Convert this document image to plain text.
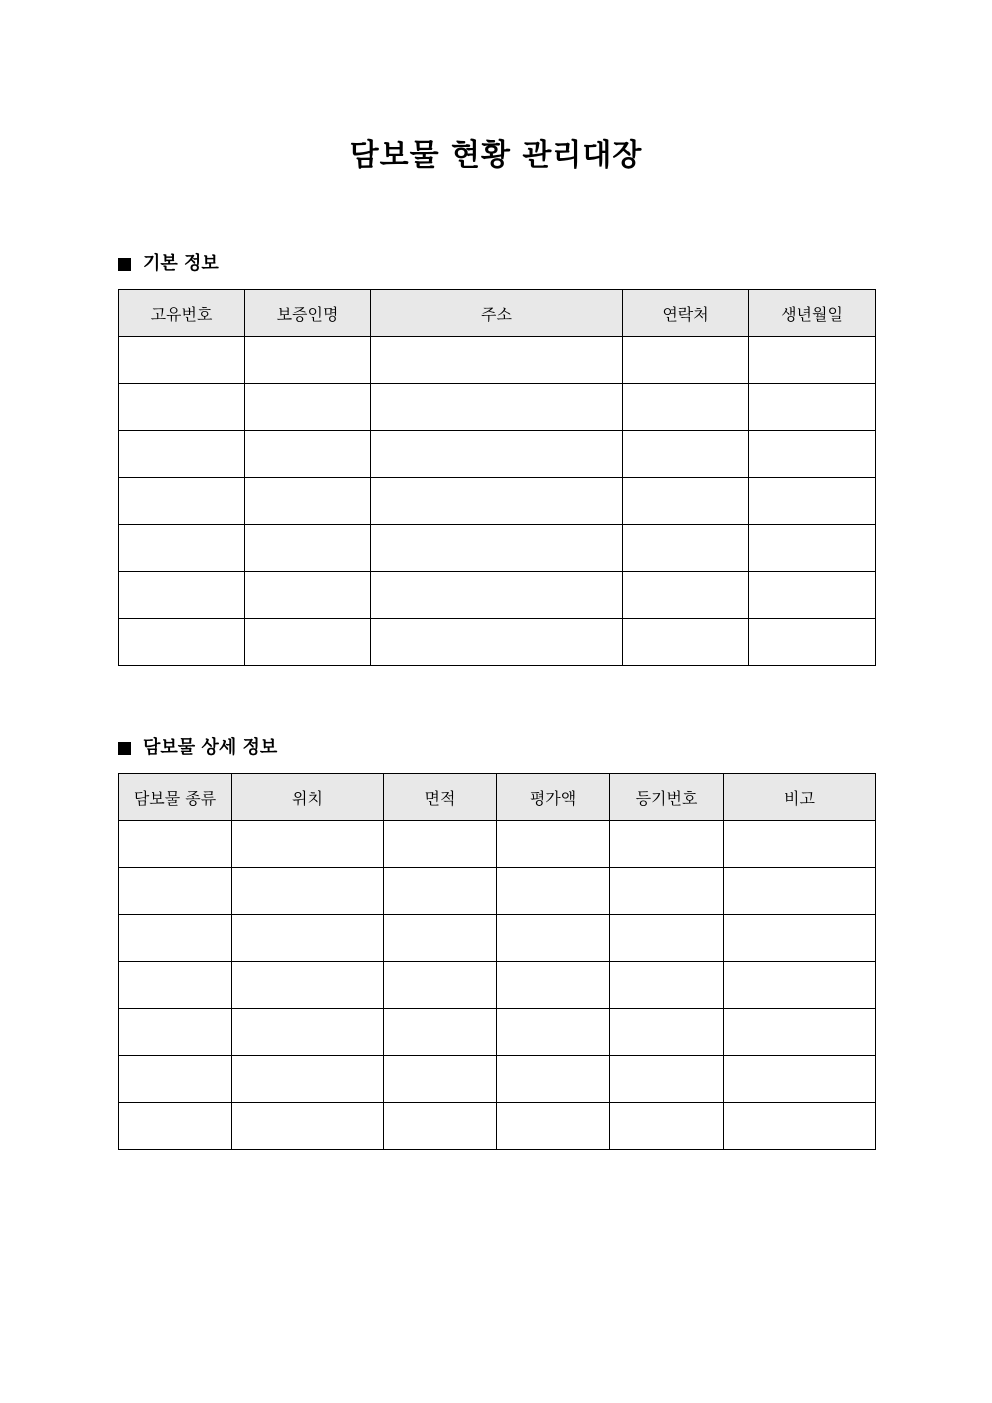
담보물 현황 관리대장
기본 정보
고유번호	보증인명	주소	연락처	생년월일

담보물 상세 정보
담보물 종류	위치	면적	평가액	등기번호	비고
